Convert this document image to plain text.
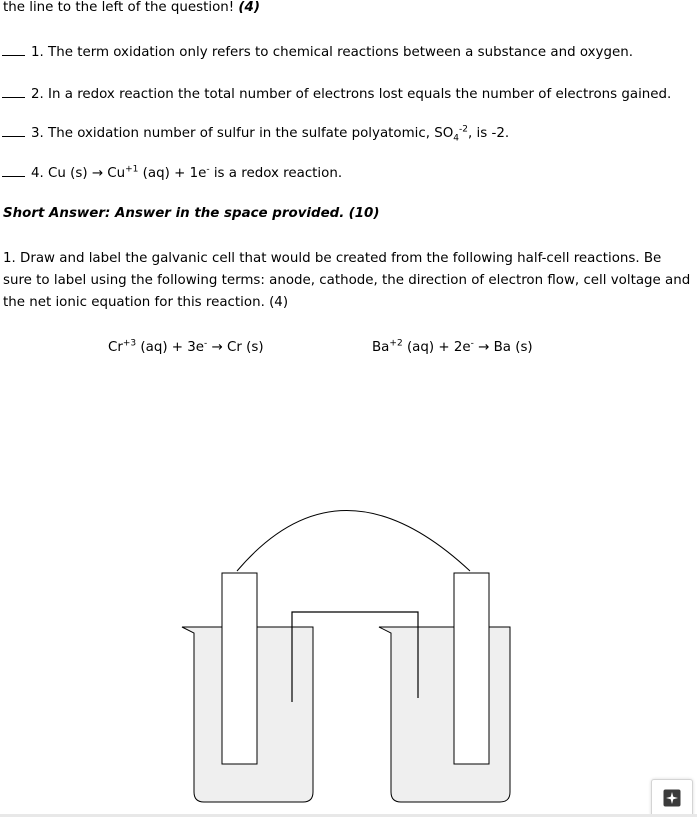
the line to the left of the question! (4)
1. The term oxidation only refers to chemical reactions between a substance and oxygen.
2. In a redox reaction the total number of electrons lost equals the number of electrons gained.
3. The oxidation number of sulfur in the sulfate polyatomic, $SO_4^{-2}$, is -2.
4. Cu $(s) \to Cu^{+1}$ (aq) + 1e- is a redox reaction.
Short Answer: Answer in the space provided. (10)
1. Draw and label the galvanic cell that would be created from the following half-cell reactions. Be sure to label using the following terms: anode, cathode, the direction of electron flow, cell voltage and the net ionic equation for this reaction. (4)
$Cr^{+3}$ (aq) + 3e- → Cr (s)	$Ba^{+2}$ (aq) + 2e- → Ba (s)
